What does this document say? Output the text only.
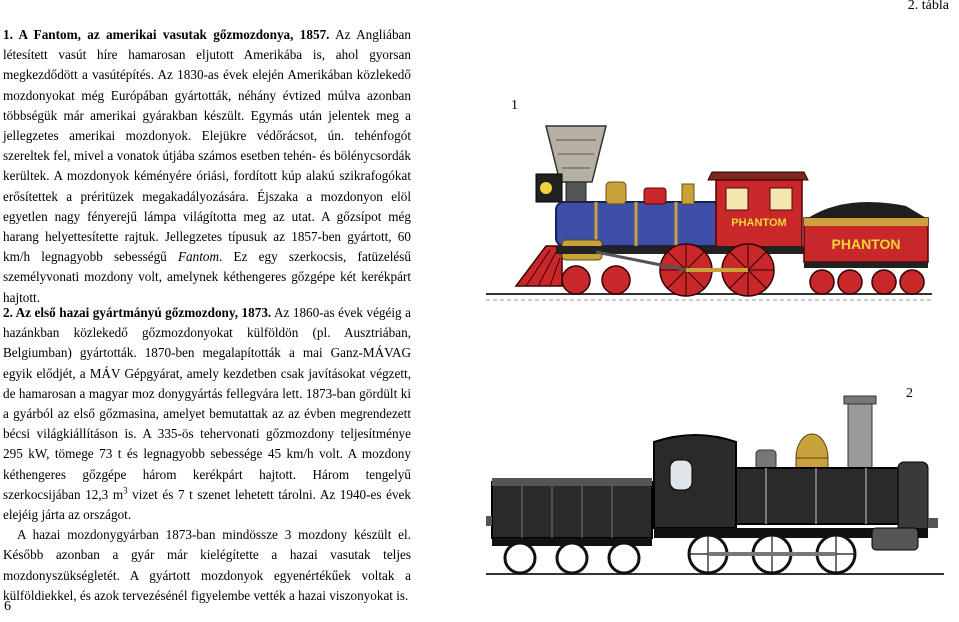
2. tábla

1. A Fantom, az amerikai vasutak gőzmozdonya, 1857. Az Angliában létesített vasút híre hamarosan eljutott Amerikába is, ahol gyorsan megkezdődött a vasútépítés. Az 1830-as évek elején Amerikában közlekedő mozdonyokat még Európában gyártották, néhány évtized múlva azonban többségük már amerikai gyárakban készült. Egymás után jelentek meg a jellegzetes amerikai mozdonyok. Elejükre védőrácsot, ún. tehénfogót szereltek fel, mivel a vonatok útjába számos esetben tehén- és bölénycsordák kerültek. A mozdonyok kéményére óriási, fordított kúp alakú szikrafogókat erősítettek a préritüzek megakadályozására. Éjszaka a mozdonyon elöl egyetlen nagy fényerejű lámpa világította meg az utat. A gőzsípot még harang helyettesítette rajtuk. Jellegzetes típusuk az 1857-ben gyártott, 60 km/h legnagyobb sebességű Fantom. Ez egy szerkocsis, fatüzelésű személyvonati mozdony volt, amelynek kéthengeres gőzgépe két kerékpárt hajtott.

2. Az első hazai gyártmányú gőzmozdony, 1873. Az 1860-as évek végéig a hazánkban közlekedő gőzmozdonyokat külföldön (pl. Ausztriában, Belgiumban) gyártották. 1870-ben megalapították a mai Ganz-MÁVAG egyik elődjét, a MÁV Gépgyárat, amely kezdetben csak javításokat végzett, de hamarosan a magyar moz donygyártás fellegvára lett. 1873-ban gördült ki a gyárból az első gőzmasina, amelyet bemutattak az az évben megrendezett bécsi világkiállításon is. A 335-ös tehervonati gőzmozdony teljesítménye 295 kW, tömege 73 t és legnagyobb sebessége 45 km/h volt. A mozdony kéthengeres gőzgépe három kerékpárt hajtott. Három tengelyű szerkocsijában 12,3 $m^3$ vizet és 7 t szenet lehetett tárolni. Az 1940-es évek elejéig járta az országot.

A hazai mozdonygyárban 1873-ban mindössze 3 mozdony készült el. Később azonban a gyár már kielégítette a hazai vasutak teljes mozdonyszükségletét. A gyártott mozdonyok egyenértékűek voltak a külföldiekkel, és azok tervezésénél figyelembe vették a hazai viszonyokat is.

6
1
2
PHANTOM
PHANTON
